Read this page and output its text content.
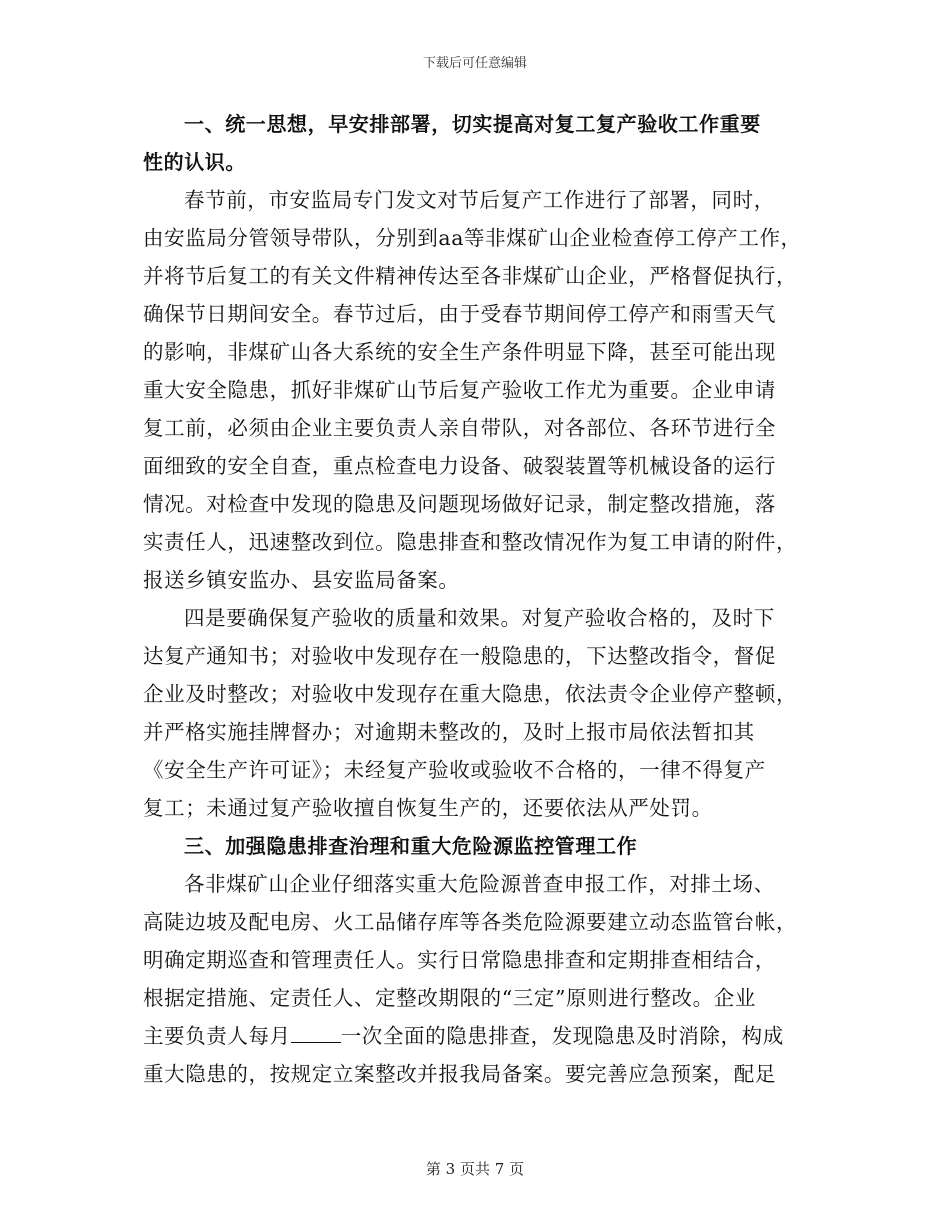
下载后可任意编辑
一、统一思想，早安排部署，切实提高对复工复产验收工作重要
性的认识。
春节前，市安监局专门发文对节后复产工作进行了部署，同时，
由安监局分管领导带队，分别到aa等非煤矿山企业检查停工停产工作，
并将节后复工的有关文件精神传达至各非煤矿山企业，严格督促执行，
确保节日期间安全。春节过后，由于受春节期间停工停产和雨雪天气
的影响，非煤矿山各大系统的安全生产条件明显下降，甚至可能出现
重大安全隐患，抓好非煤矿山节后复产验收工作尤为重要。企业申请
复工前，必须由企业主要负责人亲自带队，对各部位、各环节进行全
面细致的安全自查，重点检查电力设备、破裂装置等机械设备的运行
情况。对检查中发现的隐患及问题现场做好记录，制定整改措施，落
实责任人，迅速整改到位。隐患排查和整改情况作为复工申请的附件，
报送乡镇安监办、县安监局备案。
四是要确保复产验收的质量和效果。对复产验收合格的，及时下
达复产通知书；对验收中发现存在一般隐患的，下达整改指令，督促
企业及时整改；对验收中发现存在重大隐患，依法责令企业停产整顿，
并严格实施挂牌督办；对逾期未整改的，及时上报市局依法暂扣其
《安全生产许可证》；未经复产验收或验收不合格的，一律不得复产
复工；未通过复产验收擅自恢复生产的，还要依法从严处罚。
三、加强隐患排查治理和重大危险源监控管理工作
各非煤矿山企业仔细落实重大危险源普查申报工作，对排土场、
高陡边坡及配电房、火工品储存库等各类危险源要建立动态监管台帐，
明确定期巡查和管理责任人。实行日常隐患排查和定期排查相结合，
根据定措施、定责任人、定整改期限的“三定”原则进行整改。企业
主要负责人每月 一次全面的隐患排查，发现隐患及时消除，构成
重大隐患的，按规定立案整改并报我局备案。要完善应急预案，配足
第 3 页共 7 页
